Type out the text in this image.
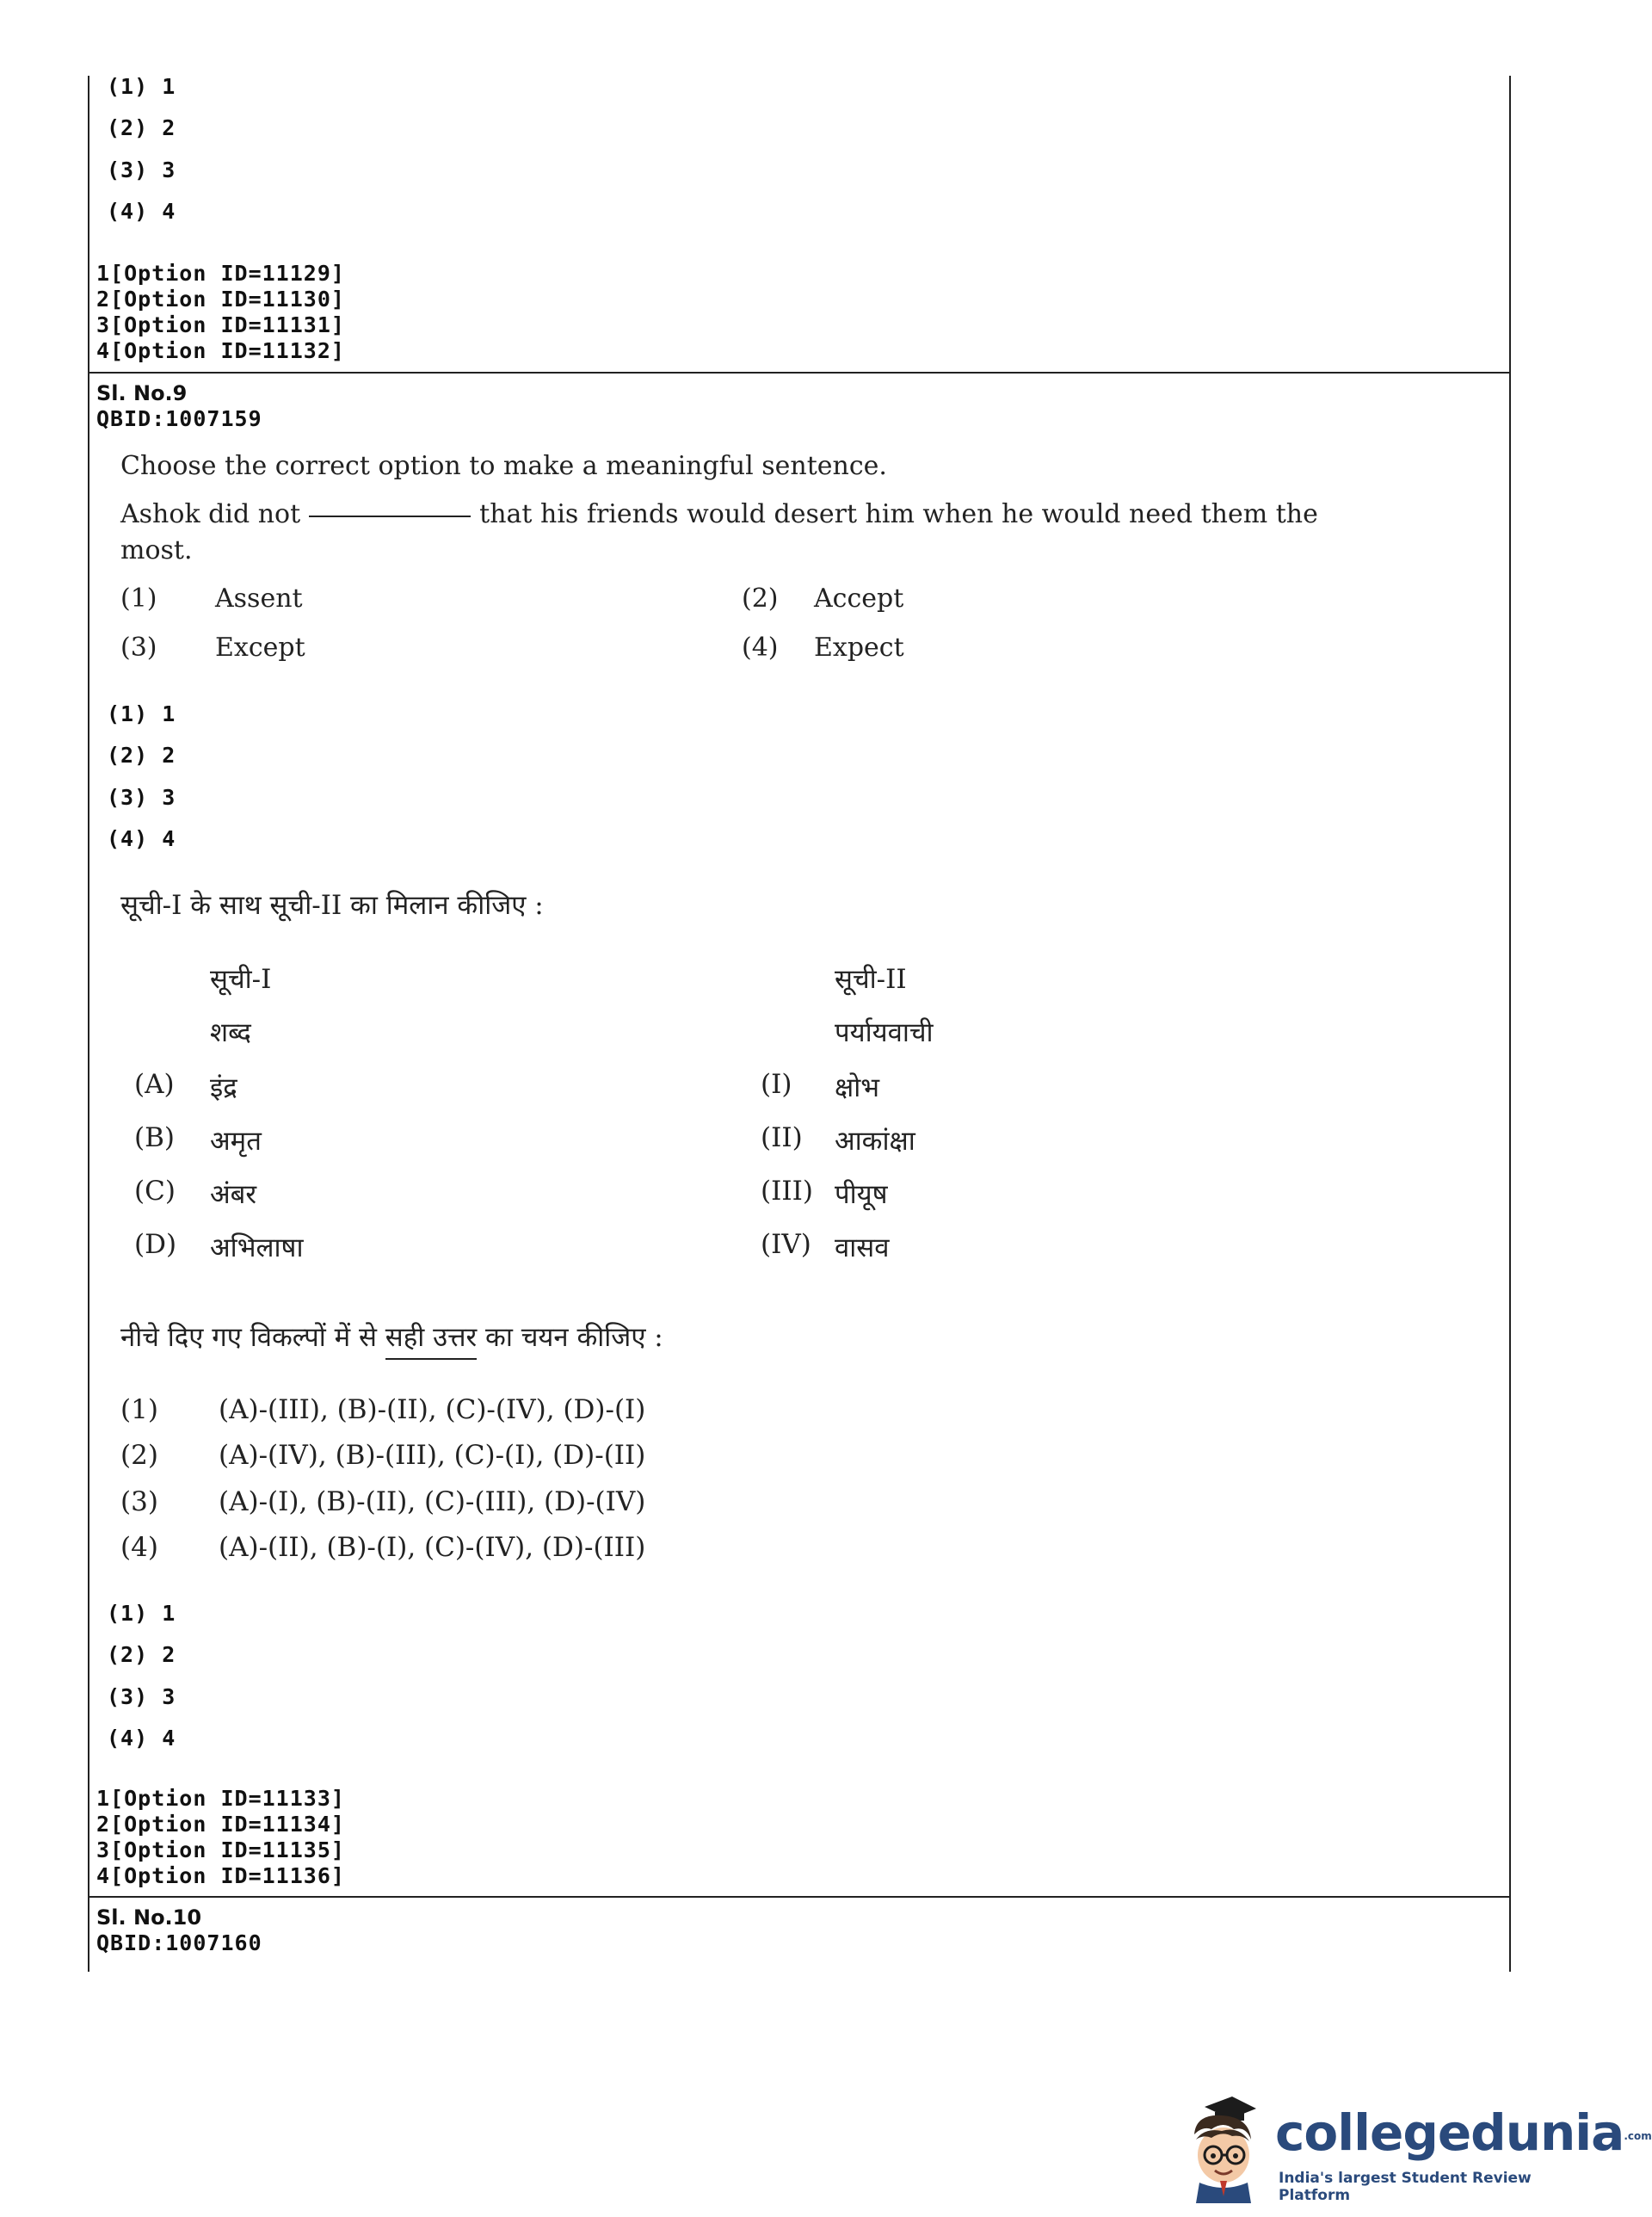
(1) 1
(2) 2
(3) 3
(4) 4
1[Option ID=11129]
2[Option ID=11130]
3[Option ID=11131]
4[Option ID=11132]
Sl. No.9
QBID:1007159
Choose the correct option to make a meaningful sentence.
Ashok did not	that his friends would desert him when he would need them the
most.
(1) Assent	(2) Accept
(3) Except	(4) Expect
(1) 1
(2) 2
(3) 3
(4) 4
सूची-I के साथ सूची-II का मिलान कीजिए :
सूची-I	सूची-II
शब्द	पर्यायवाची
(A) इंद्र	(I) क्षोभ
(B) अमृत	(II) आकांक्षा
(C) अंबर	(III) पीयूष
(D) अभिलाषा	(IV) वासव
नीचे दिए गए विकल्पों में से सही उत्तर का चयन कीजिए :
(1) (A)-(III), (B)-(II), (C)-(IV), (D)-(I)
(2) (A)-(IV), (B)-(III), (C)-(I), (D)-(II)
(3) (A)-(I), (B)-(II), (C)-(III), (D)-(IV)
(4) (A)-(II), (B)-(I), (C)-(IV), (D)-(III)
(1) 1
(2) 2
(3) 3
(4) 4
1[Option ID=11133]
2[Option ID=11134]
3[Option ID=11135]
4[Option ID=11136]
Sl. No.10
QBID:1007160
collegedunia.com
India's largest Student Review Platform
